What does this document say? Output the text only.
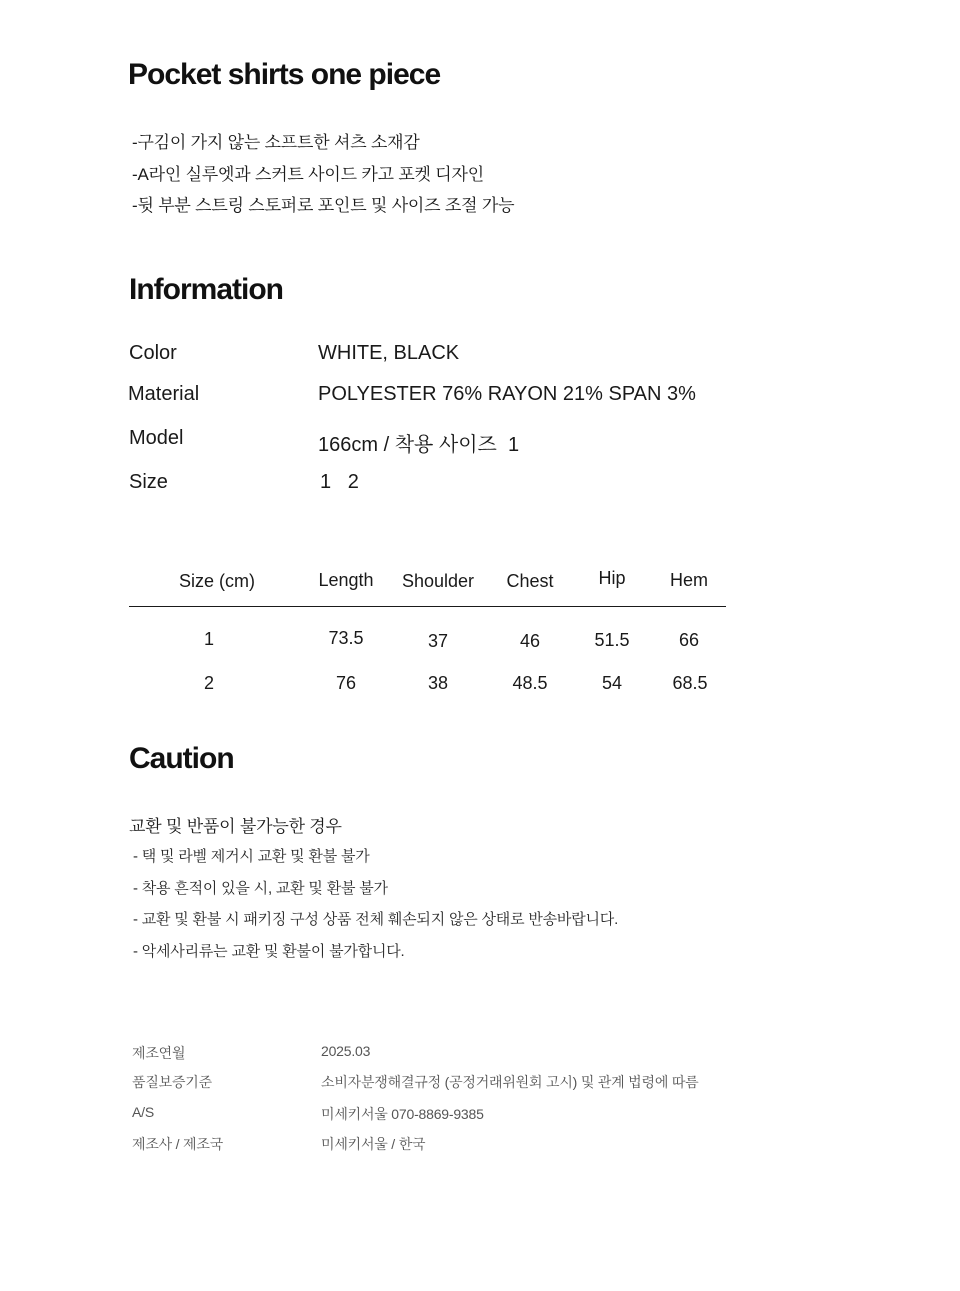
Pocket shirts one piece
-구김이 가지 않는 소프트한 셔츠 소재감
-A라인 실루엣과 스커트 사이드 카고 포켓 디자인
-뒷 부분 스트링 스토퍼로 포인트 및 사이즈 조절 가능
Information
Color	WHITE, BLACK
Material	POLYESTER 76% RAYON 21% SPAN 3%
Model	166cm / 착용 사이즈  1
Size	1   2
Size (cm)	Length	Shoulder	Chest	Hip	Hem
1	73.5	37	46	51.5	66
2	76	38	48.5	54	68.5
Caution
교환 및 반품이 불가능한 경우
- 택 및 라벨 제거시 교환 및 환불 불가
- 착용 흔적이 있을 시, 교환 및 환불 불가
- 교환 및 환불 시 패키징 구성 상품 전체 훼손되지 않은 상태로 반송바랍니다.
- 악세사리류는 교환 및 환불이 불가합니다.
제조연월	2025.03
품질보증기준	소비자분쟁해결규정 (공정거래위원회 고시) 및 관계 법령에 따름
A/S	미세키서울 070-8869-9385
제조사 / 제조국	미세키서울 / 한국
